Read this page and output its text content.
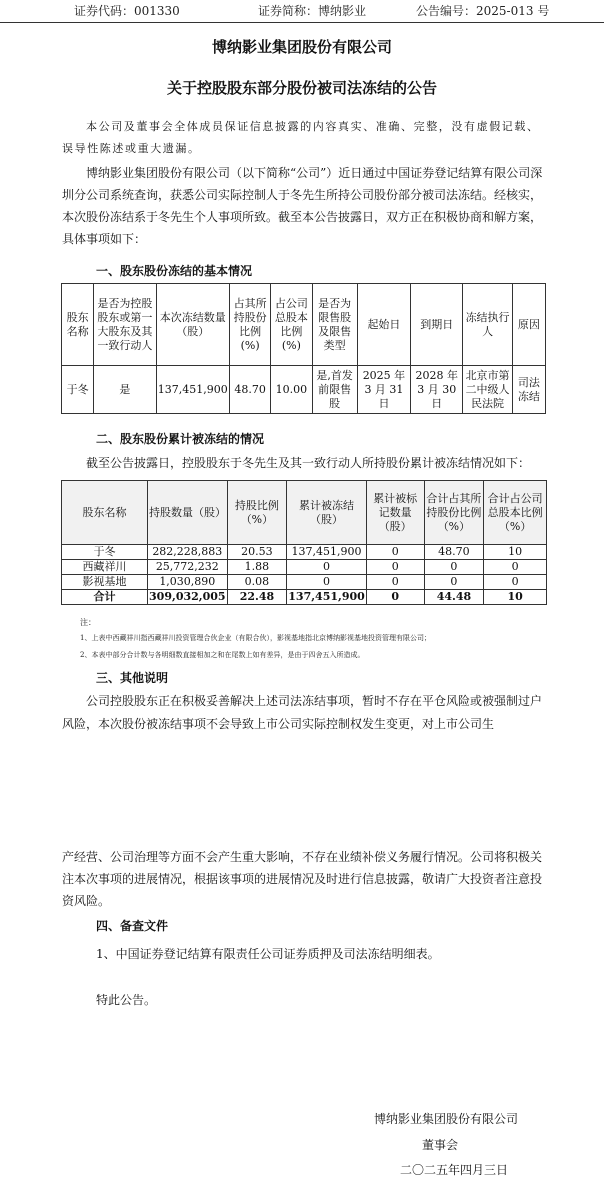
证券代码：001330	证券简称：博纳影业	公告编号：2025-013 号
博纳影业集团股份有限公司
关于控股股东部分股份被司法冻结的公告
本公司及董事会全体成员保证信息披露的内容真实、准确、完整，没有虚假记载、误导性陈述或重大遗漏。
博纳影业集团股份有限公司（以下简称“公司”）近日通过中国证券登记结算有限公司深圳分公司系统查询，获悉公司实际控制人于冬先生所持公司股份部分被司法冻结。经核实，本次股份冻结系于冬先生个人事项所致。截至本公告披露日，双方正在积极协商和解方案，具体事项如下：
一、股东股份冻结的基本情况
股东名称	是否为控股股东或第一大股东及其一致行动人	本次冻结数量（股）	占其所持股份比例(%)	占公司总股本比例(%)	是否为限售股及限售类型	起始日	到期日	冻结执行人	原因
于冬	是	137,451,900	48.70	10.00	是,首发前限售股	2025 年 3 月 31 日	2028 年 3 月 30 日	北京市第二中级人民法院	司法冻结
二、股东股份累计被冻结的情况
截至公告披露日，控股股东于冬先生及其一致行动人所持股份累计被冻结情况如下：
股东名称	持股数量（股）	持股比例（%）	累计被冻结（股）	累计被标记数量（股）	合计占其所持股份比例（%）	合计占公司总股本比例（%）
于冬	282,228,883	20.53	137,451,900	0	48.70	10
西藏祥川	25,772,232	1.88	0	0	0	0
影视基地	1,030,890	0.08	0	0	0	0
合计	309,032,005	22.48	137,451,900	0	44.48	10
注：
1、上表中西藏祥川指西藏祥川投资管理合伙企业（有限合伙），影视基地指北京博纳影视基地投资管理有限公司；
2、本表中部分合计数与各明细数直接相加之和在尾数上如有差异，是由于四舍五入所造成。
三、其他说明
公司控股股东正在积极妥善解决上述司法冻结事项，暂时不存在平仓风险或被强制过户风险，本次股份被冻结事项不会导致上市公司实际控制权发生变更，对上市公司生
产经营、公司治理等方面不会产生重大影响，不存在业绩补偿义务履行情况。公司将积极关注本次事项的进展情况，根据该事项的进展情况及时进行信息披露，敬请广大投资者注意投资风险。
四、备查文件
1、中国证券登记结算有限责任公司证券质押及司法冻结明细表。
特此公告。
博纳影业集团股份有限公司
董事会
二〇二五年四月三日
